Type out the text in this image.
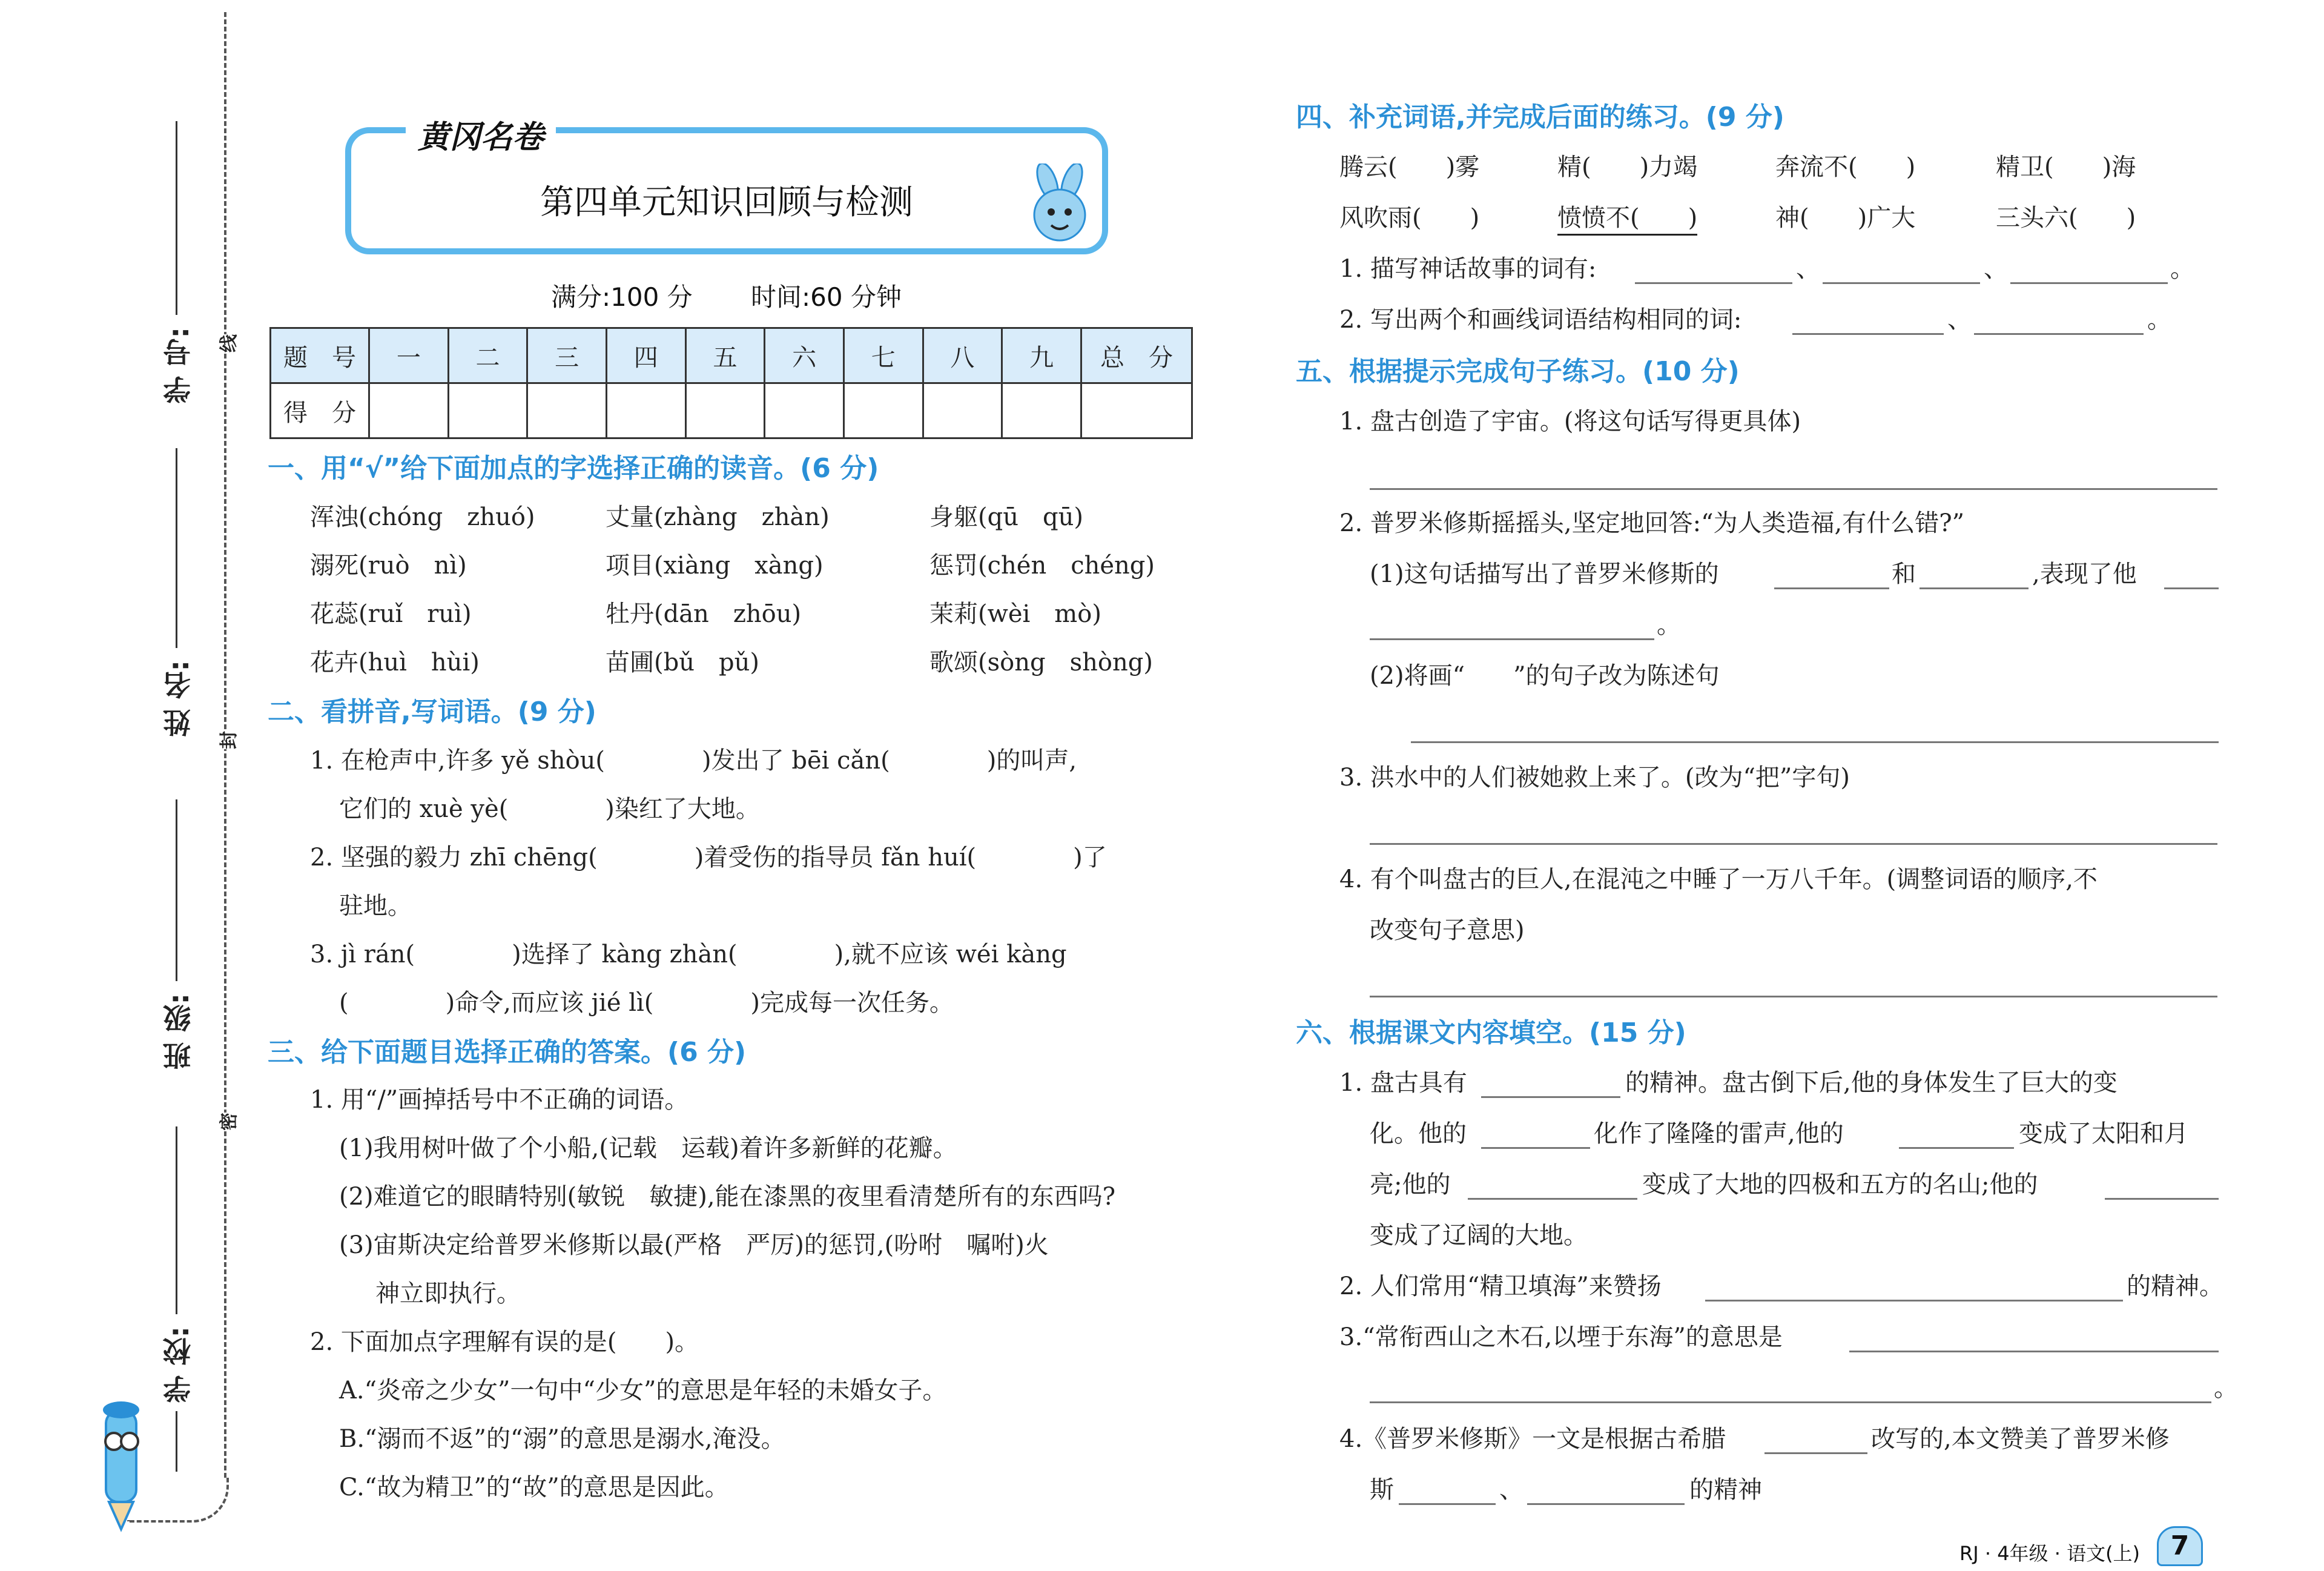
学 号:
姓 名:
班 级:
学 校:
线
封
密
黄冈名卷
第四单元知识回顾与检测
满分:100 分 时间:60 分钟
题　号	一	二	三	四	五	六	七	八	九	总　分
得　分										
一、用“√”给下面加点的字选择正确的读音。(6 分)
浑浊(chóng　zhuó)	丈量(zhàng　zhàn)	身躯(qū　qū)
溺死(ruò　nì)	项目(xiàng　xàng)	惩罚(chén　chéng)
花蕊(ruǐ　ruì)	牡丹(dān　zhōu)	茉莉(wèi　mò)
花卉(huì　hùi)	苗圃(bǔ　pǔ)	歌颂(sòng　shòng)
二、看拼音,写词语。(9 分)
1. 在枪声中,许多 yě shòu(　　　　)发出了 bēi cǎn(　　　　)的叫声,
它们的 xuè yè(　　　　)染红了大地。
2. 坚强的毅力 zhī chēng(　　　　)着受伤的指导员 fǎn huí(　　　　)了
驻地。
3. jì rán(　　　　)选择了 kàng zhàn(　　　　),就不应该 wéi kàng
(　　　　)命令,而应该 jié lì(　　　　)完成每一次任务。
三、给下面题目选择正确的答案。(6 分)
1. 用“/”画掉括号中不正确的词语。
(1)我用树叶做了个小船,(记载　运载)着许多新鲜的花瓣。
(2)难道它的眼睛特别(敏锐　敏捷),能在漆黑的夜里看清楚所有的东西吗?
(3)宙斯决定给普罗米修斯以最(严格　严厉)的惩罚,(吩咐　嘱咐)火
神立即执行。
2. 下面加点字理解有误的是(　　)。
A.“炎帝之少女”一句中“少女”的意思是年轻的未婚女子。
B.“溺而不返”的“溺”的意思是溺水,淹没。
C.“故为精卫”的“故”的意思是因此。
四、补充词语,并完成后面的练习。(9 分)
腾云(　　)雾	精(　　)力竭	奔流不(　　)	精卫(　　)海
风吹雨(　　)	愤愤不(　　)	神(　　)广大	三头六(　　)
1. 描写神话故事的词有:	、	、	。
2. 写出两个和画线词语结构相同的词:	、	。
五、根据提示完成句子练习。(10 分)
1. 盘古创造了宇宙。(将这句话写得更具体)
2. 普罗米修斯摇摇头,坚定地回答:“为人类造福,有什么错?”
(1)这句话描写出了普罗米修斯的	和	,表现了他
。
(2)将画“　　”的句子改为陈述句
3. 洪水中的人们被她救上来了。(改为“把”字句)
4. 有个叫盘古的巨人,在混沌之中睡了一万八千年。(调整词语的顺序,不
改变句子意思)
六、根据课文内容填空。(15 分)
1. 盘古具有	的精神。盘古倒下后,他的身体发生了巨大的变
化。他的	化作了隆隆的雷声,他的	变成了太阳和月
亮;他的	变成了大地的四极和五方的名山;他的
变成了辽阔的大地。
2. 人们常用“精卫填海”来赞扬	的精神。
3.“常衔西山之木石,以堙于东海”的意思是
。
4.《普罗米修斯》一文是根据古希腊	改写的,本文赞美了普罗米修
斯	、	的精神
RJ · 4年级 · 语文(上)	7
